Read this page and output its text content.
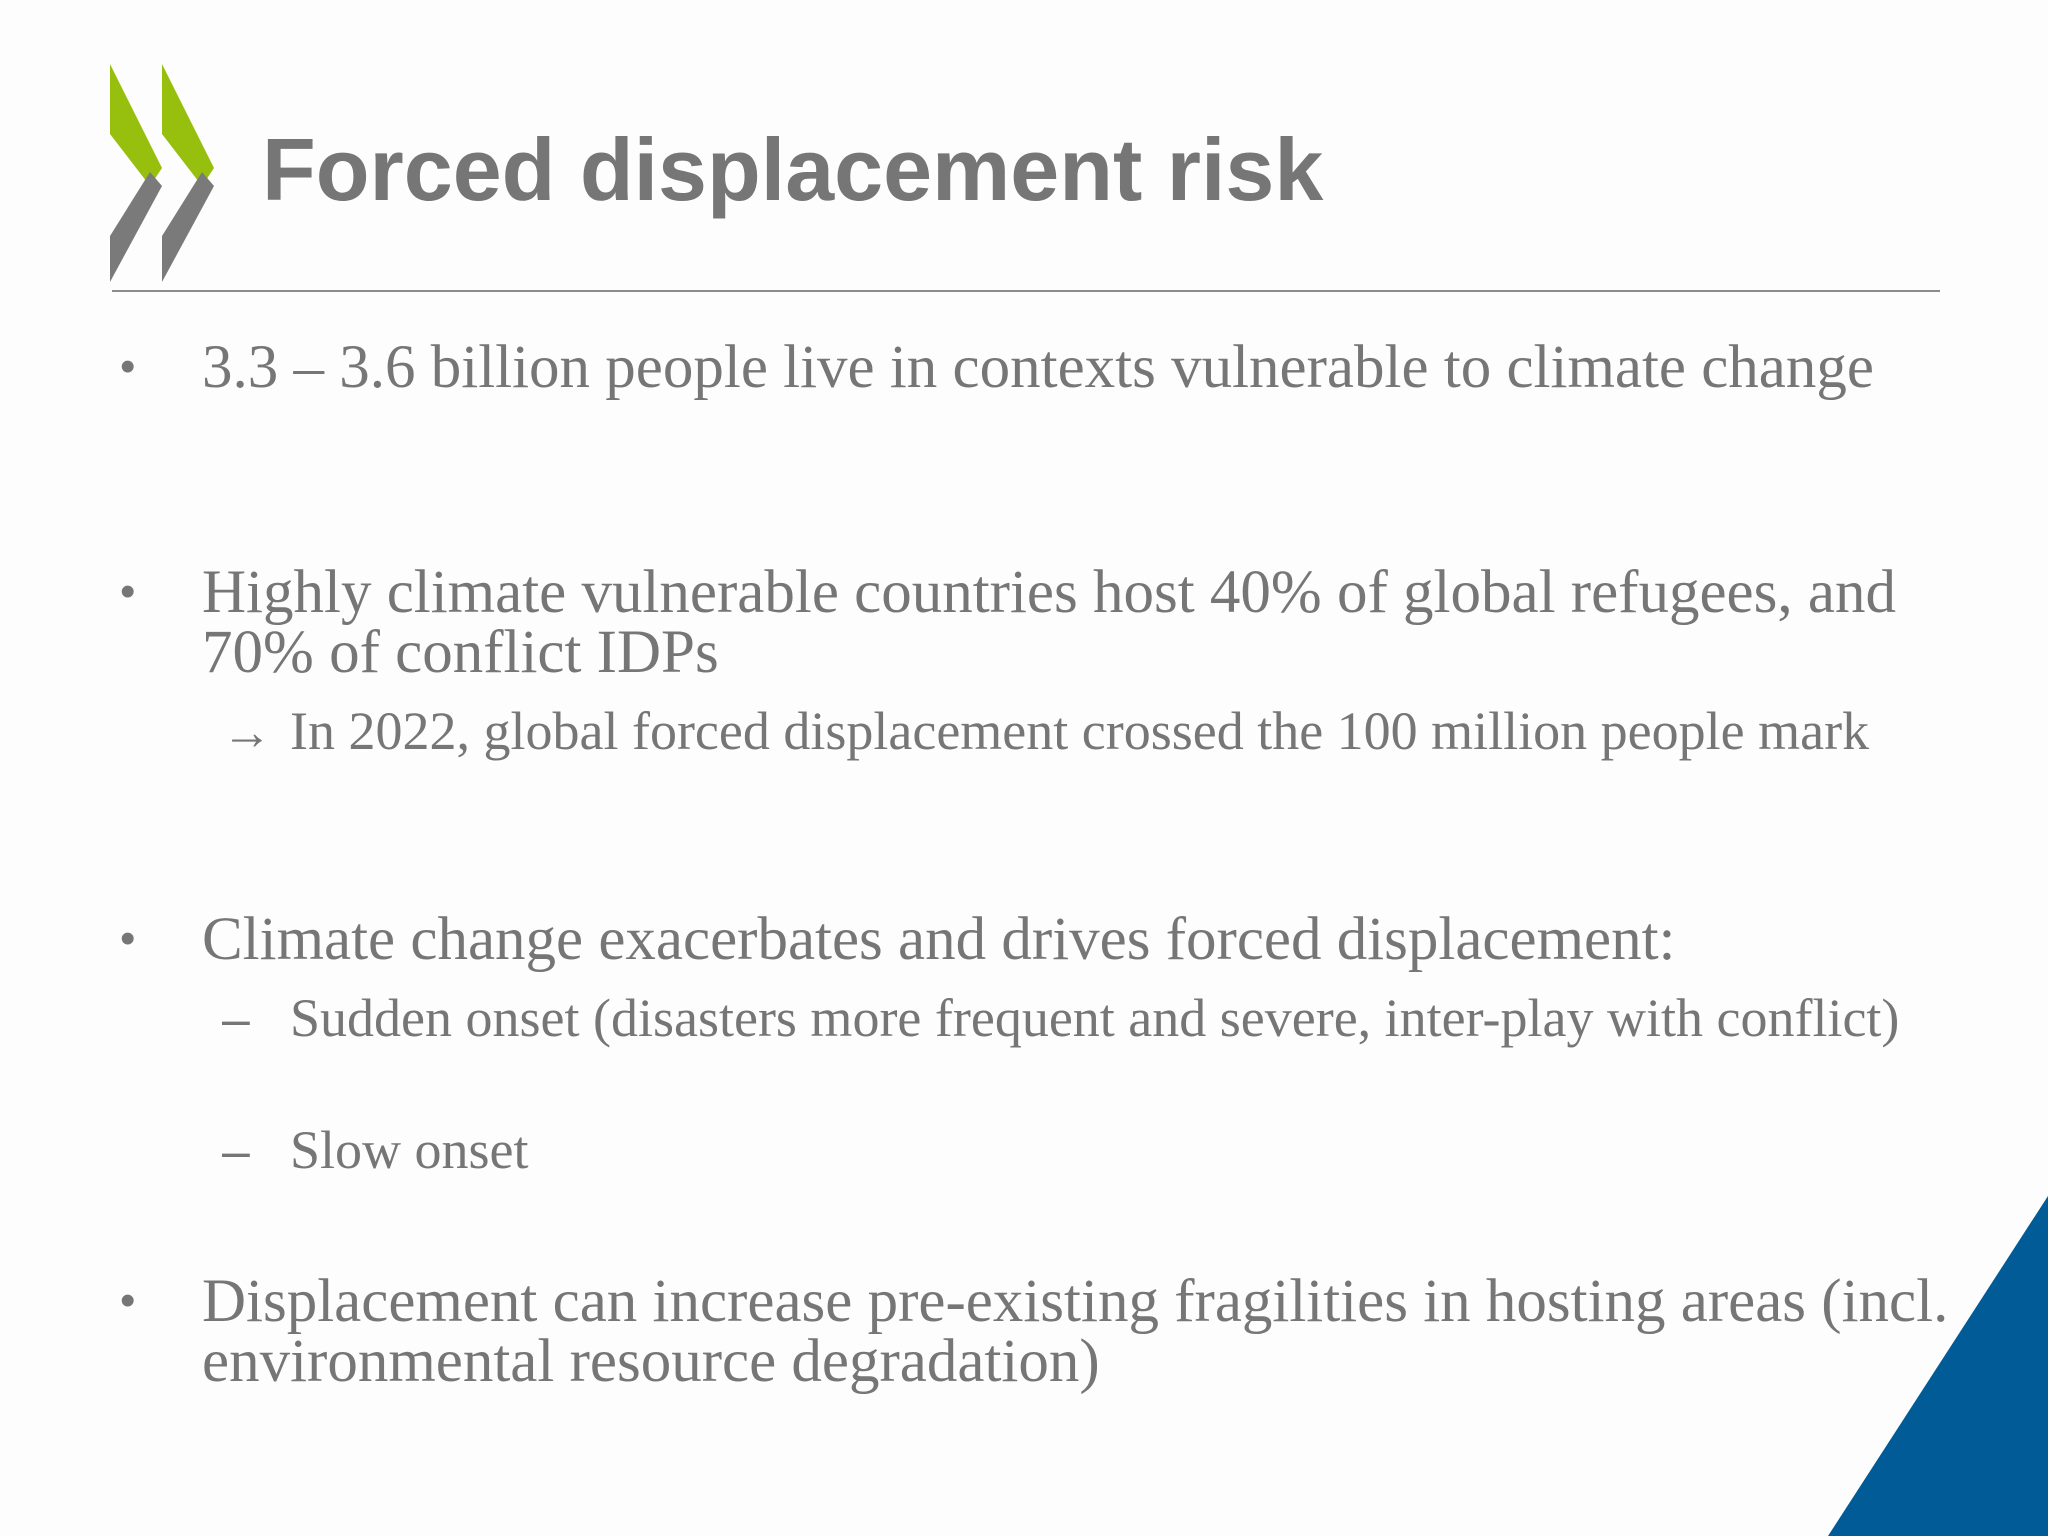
Forced displacement risk
• 3.3 – 3.6 billion people live in contexts vulnerable to climate change
• Highly climate vulnerable countries host 40% of global refugees, and 70% of conflict IDPs
→ In 2022, global forced displacement crossed the 100 million people mark
• Climate change exacerbates and drives forced displacement:
– Sudden onset (disasters more frequent and severe, inter-play with conflict)
– Slow onset
• Displacement can increase pre-existing fragilities in hosting areas (incl. environmental resource degradation)
